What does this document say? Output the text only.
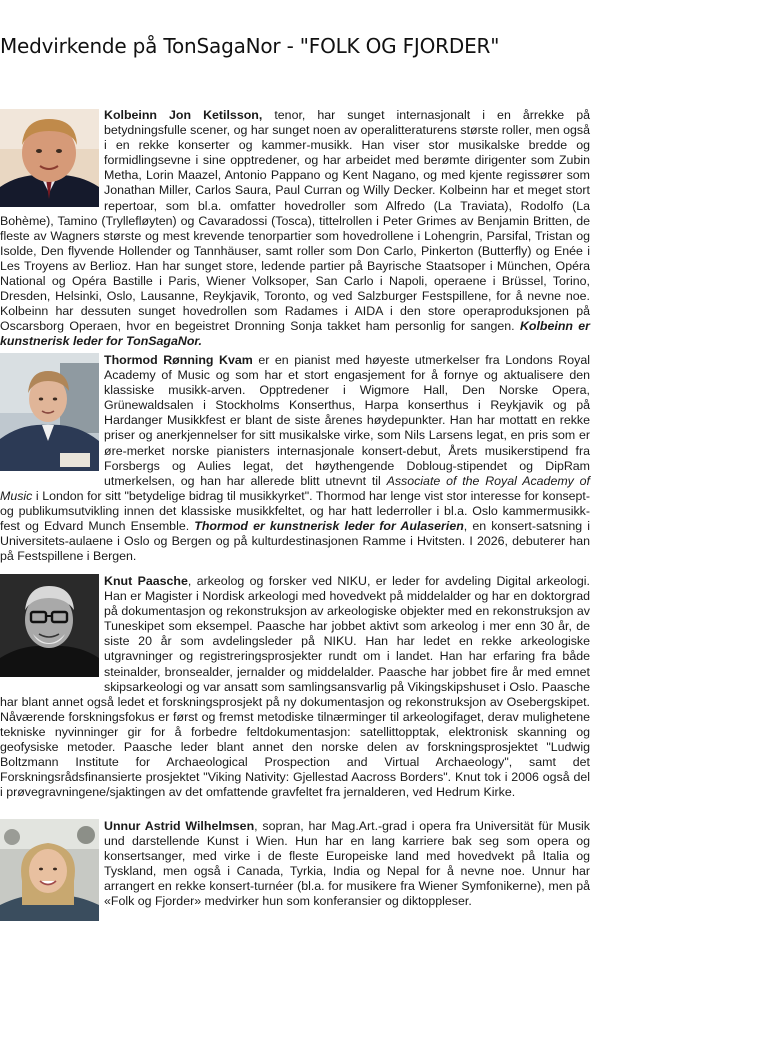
Medvirkende på TonSagaNor - "FOLK OG FJORDER"

Kolbeinn Jon Ketilsson, tenor, har sunget internasjonalt i en årrekke på betydningsfulle scener, og har sunget noen av operalitteraturens største roller, men også i en rekke konserter og kammer-musikk. Han viser stor musikalske bredde og formidlingsevne i sine opptredener, og har arbeidet med berømte dirigenter som Zubin Metha, Lorin Maazel, Antonio Pappano og Kent Nagano, og med kjente regissører som Jonathan Miller, Carlos Saura, Paul Curran og Willy Decker. Kolbeinn har et meget stort repertoar, som bl.a. omfatter hovedroller som Alfredo (La Traviata), Rodolfo (La Bohème), Tamino (Tryllefløyten) og Cavaradossi (Tosca), tittelrollen i Peter Grimes av Benjamin Britten, de fleste av Wagners største og mest krevende tenorpartier som hovedrollene i Lohengrin, Parsifal, Tristan og Isolde, Den flyvende Hollender og Tannhäuser, samt roller som Don Carlo, Pinkerton (Butterfly) og Enée i Les Troyens av Berlioz. Han har sunget store, ledende partier på Bayrische Staatsoper i München, Opéra National og Opéra Bastille i Paris, Wiener Volksoper, San Carlo i Napoli, operaene i Brüssel, Torino, Dresden, Helsinki, Oslo, Lausanne, Reykjavik, Toronto, og ved Salzburger Festspillene, for å nevne noe. Kolbeinn har dessuten sunget hovedrollen som Radames i AIDA i den store operaproduksjonen på Oscarsborg Operaen, hvor en begeistret Dronning Sonja takket ham personlig for sangen. Kolbeinn er kunstnerisk leder for TonSagaNor.

Thormod Rønning Kvam er en pianist med høyeste utmerkelser fra Londons Royal Academy of Music og som har et stort engasjement for å fornye og aktualisere den klassiske musikk-arven. Opptredener i Wigmore Hall, Den Norske Opera, Grünewaldsalen i Stockholms Konserthus, Harpa konserthus i Reykjavik og på Hardanger Musikkfest er blant de siste årenes høydepunkter. Han har mottatt en rekke priser og anerkjennelser for sitt musikalske virke, som Nils Larsens legat, en pris som er øre-merket norske pianisters internasjonale konsert-debut, Årets musikerstipend fra Forsbergs og Aulies legat, det høythengende Dobloug-stipendet og DipRam utmerkelsen, og han har allerede blitt utnevnt til Associate of the Royal Academy of Music i London for sitt "betydelige bidrag til musikkyrket". Thormod har lenge vist stor interesse for konsept- og publikumsutvikling innen det klassiske musikkfeltet, og har hatt lederroller i bl.a. Oslo kammermusikk-fest og Edvard Munch Ensemble. Thormod er kunstnerisk leder for Aulaserien, en konsert-satsning i Universitets-aulaene i Oslo og Bergen og på kulturdestinasjonen Ramme i Hvitsten. I 2026, debuterer han på Festspillene i Bergen.

Knut Paasche, arkeolog og forsker ved NIKU, er leder for avdeling Digital arkeologi. Han er Magister i Nordisk arkeologi med hovedvekt på middelalder og har en doktorgrad på dokumentasjon og rekonstruksjon av arkeologiske objekter med en rekonstruksjon av Tuneskipet som eksempel. Paasche har jobbet aktivt som arkeolog i mer enn 30 år, de siste 20 år som avdelingsleder på NIKU. Han har ledet en rekke arkeologiske utgravninger og registreringsprosjekter rundt om i landet. Han har erfaring fra både steinalder, bronsealder, jernalder og middelalder. Paasche har jobbet fire år med emnet skipsarkeologi og var ansatt som samlingsansvarlig på Vikingskipshuset i Oslo. Paasche har blant annet også ledet et forskningsprosjekt på ny dokumentasjon og rekonstruksjon av Osebergskipet. Nåværende forskningsfokus er først og fremst metodiske tilnærminger til arkeologifaget, derav mulighetene tekniske nyvinninger gir for å forbedre feltdokumentasjon: satellittopptak, elektronisk skanning og geofysiske metoder. Paasche leder blant annet den norske delen av forskningsprosjektet "Ludwig Boltzmann Institute for Archaeological Prospection and Virtual Archaeology", samt det Forskningsrådsfinansierte prosjektet "Viking Nativity: Gjellestad Aacross Borders". Knut tok i 2006 også del i prøvegravningene/sjaktingen av det omfattende gravfeltet fra jernalderen, ved Hedrum Kirke.

Unnur Astrid Wilhelmsen, sopran, har Mag.Art.-grad i opera fra Universität für Musik und darstellende Kunst i Wien. Hun har en lang karriere bak seg som opera og konsertsanger, med virke i de fleste Europeiske land med hovedvekt på Italia og Tyskland, men også i Canada, Tyrkia, India og Nepal for å nevne noe. Unnur har arrangert en rekke konsert-turnéer (bl.a. for musikere fra Wiener Symfonikerne), men på «Folk og Fjorder» medvirker hun som konferansier og diktoppleser.
